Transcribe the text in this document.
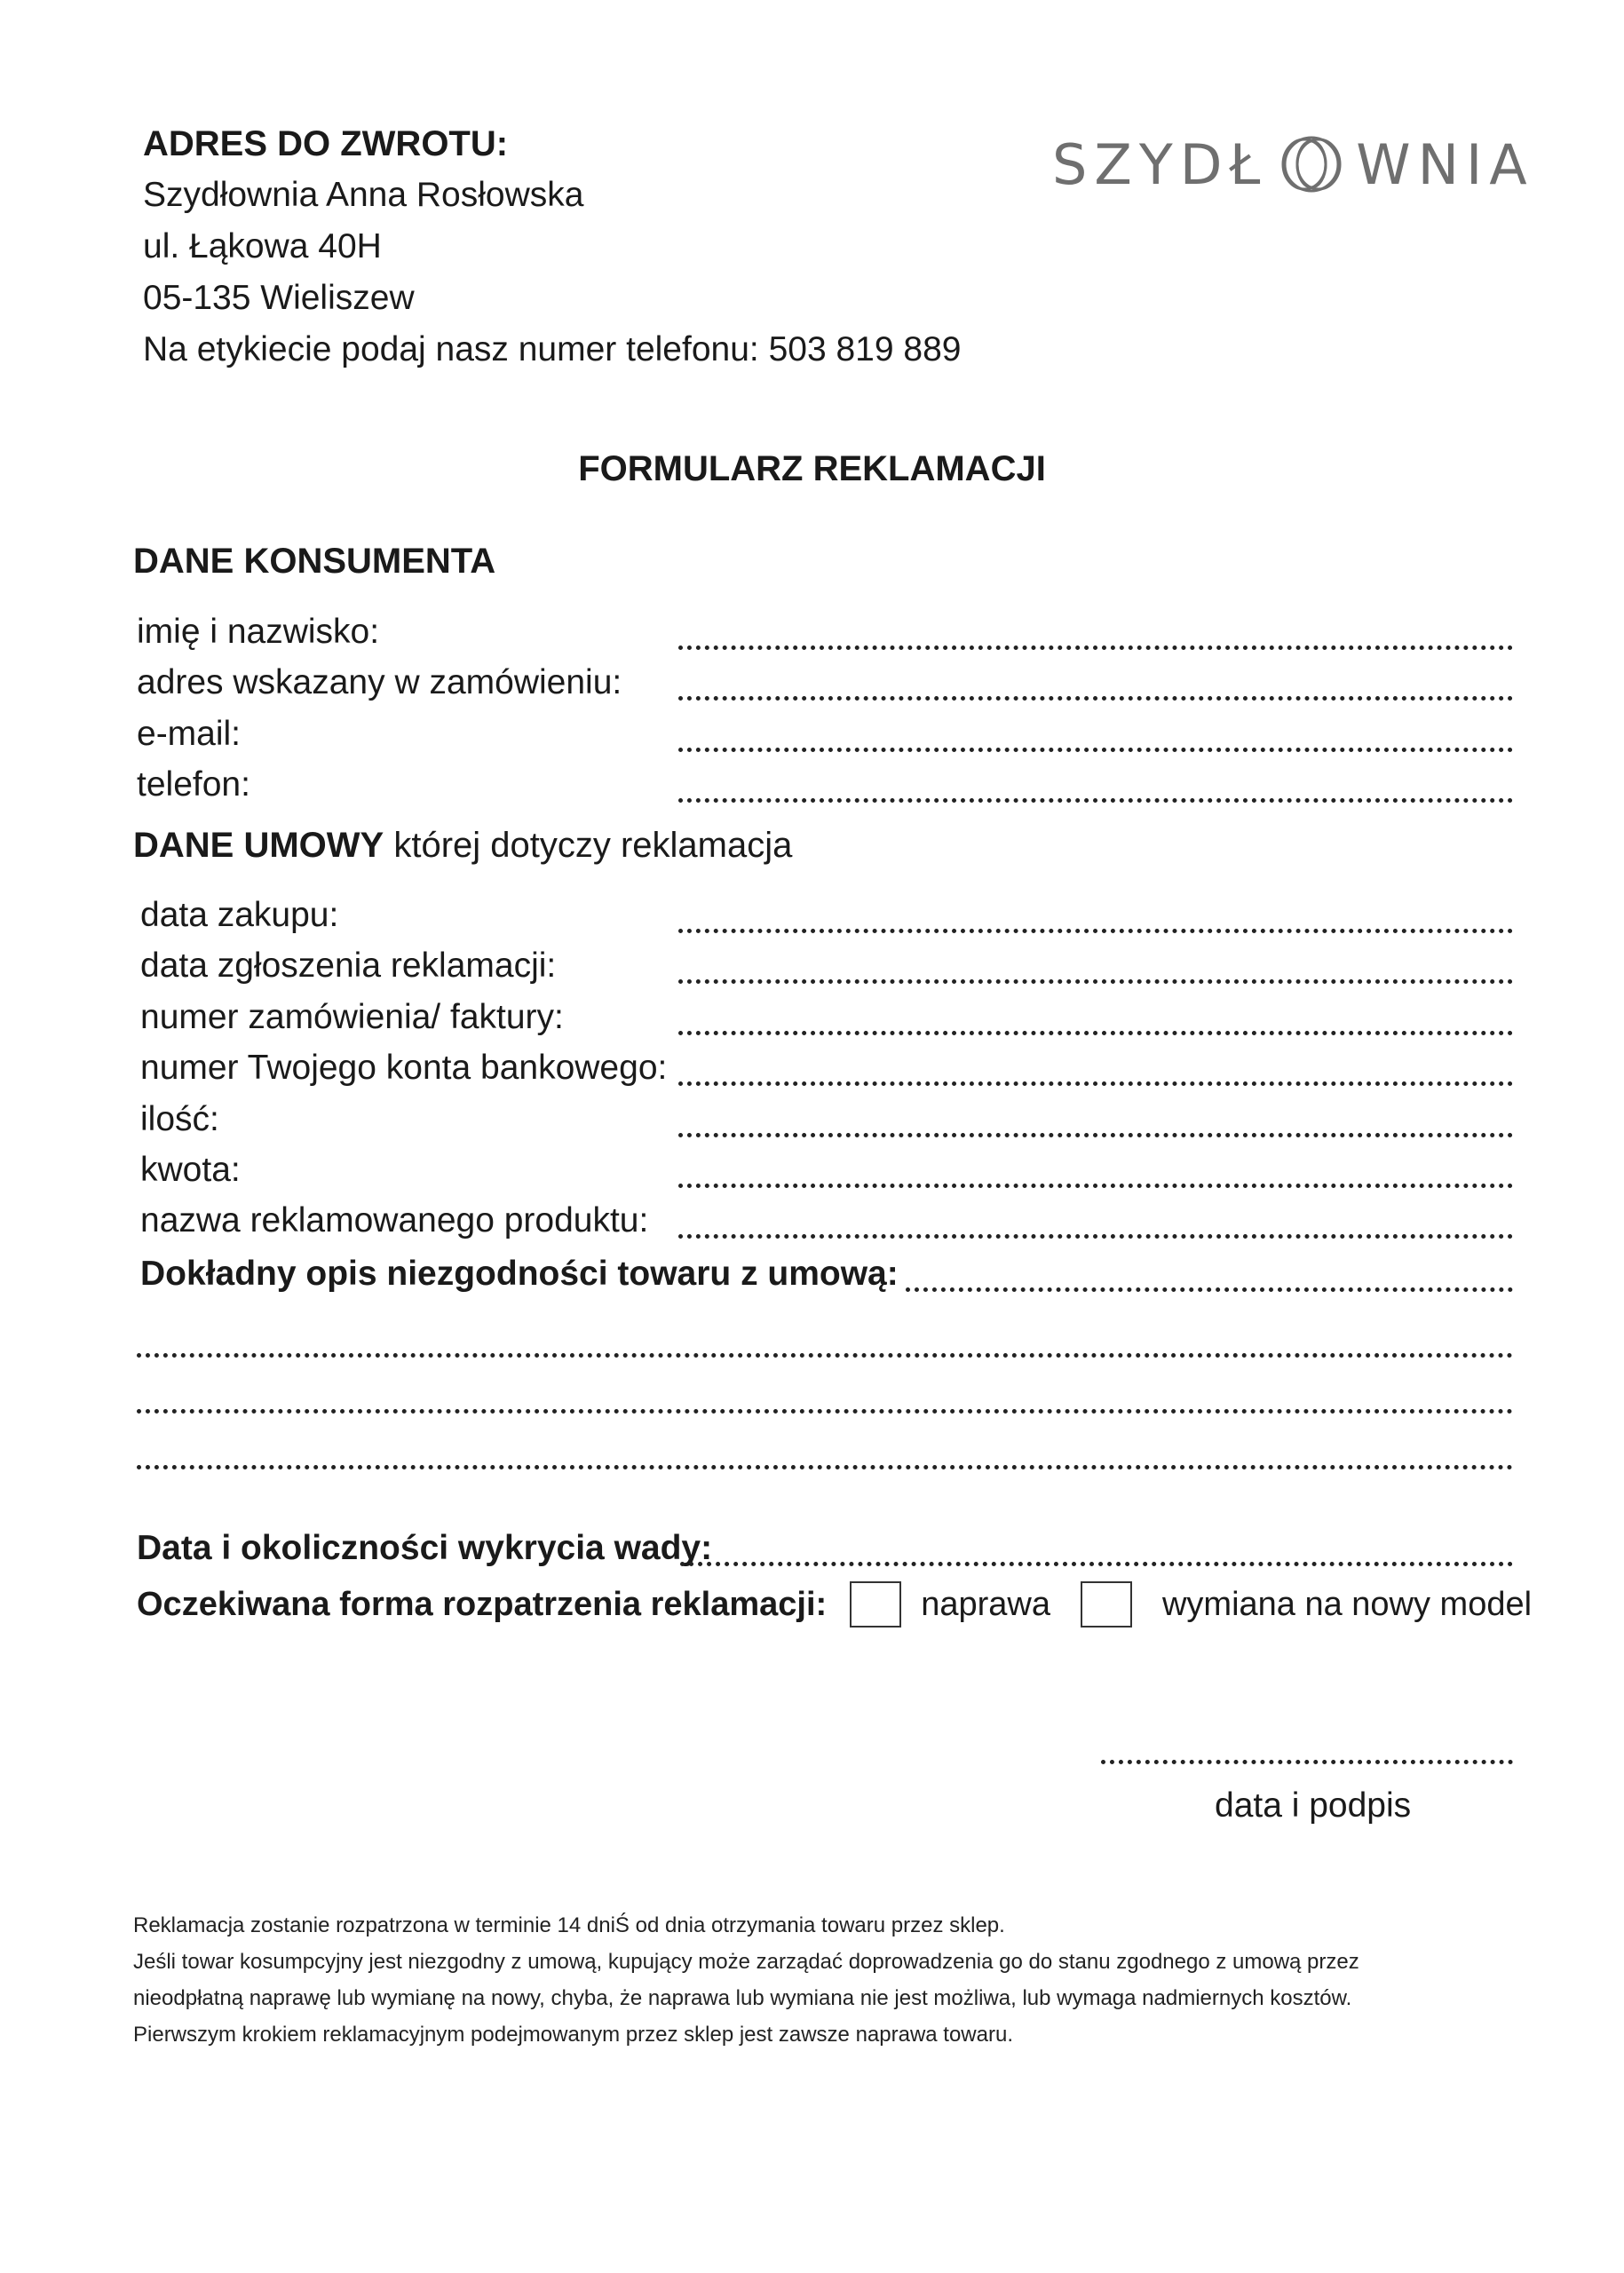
ADRES DO ZWROTU:
Szydłownia Anna Rosłowska
ul. Łąkowa 40H
05-135 Wieliszew
Na etykiecie podaj nasz numer telefonu: 503 819 889
SZYDŁ WNIA
FORMULARZ REKLAMACJI
DANE KONSUMENTA
imię i nazwisko:
adres wskazany w zamówieniu:
e-mail:
telefon:
DANE UMOWY której dotyczy reklamacja
data zakupu:
data zgłoszenia reklamacji:
numer zamówienia/ faktury:
numer Twojego konta bankowego:
ilość:
kwota:
nazwa reklamowanego produktu:
Dokładny opis niezgodności towaru z umową:
Data i okoliczności wykrycia wady:
Oczekiwana forma rozpatrzenia reklamacji:	naprawa	wymiana na nowy model
data i podpis
Reklamacja zostanie rozpatrzona w terminie 14 dniŚ od dnia otrzymania towaru przez sklep.
Jeśli towar kosumpcyjny jest niezgodny z umową, kupujący może zarządać doprowadzenia go do stanu zgodnego z umową przez
nieodpłatną naprawę lub wymianę na nowy, chyba, że naprawa lub wymiana nie jest możliwa, lub wymaga nadmiernych kosztów.
Pierwszym krokiem reklamacyjnym podejmowanym przez sklep jest zawsze naprawa towaru.
